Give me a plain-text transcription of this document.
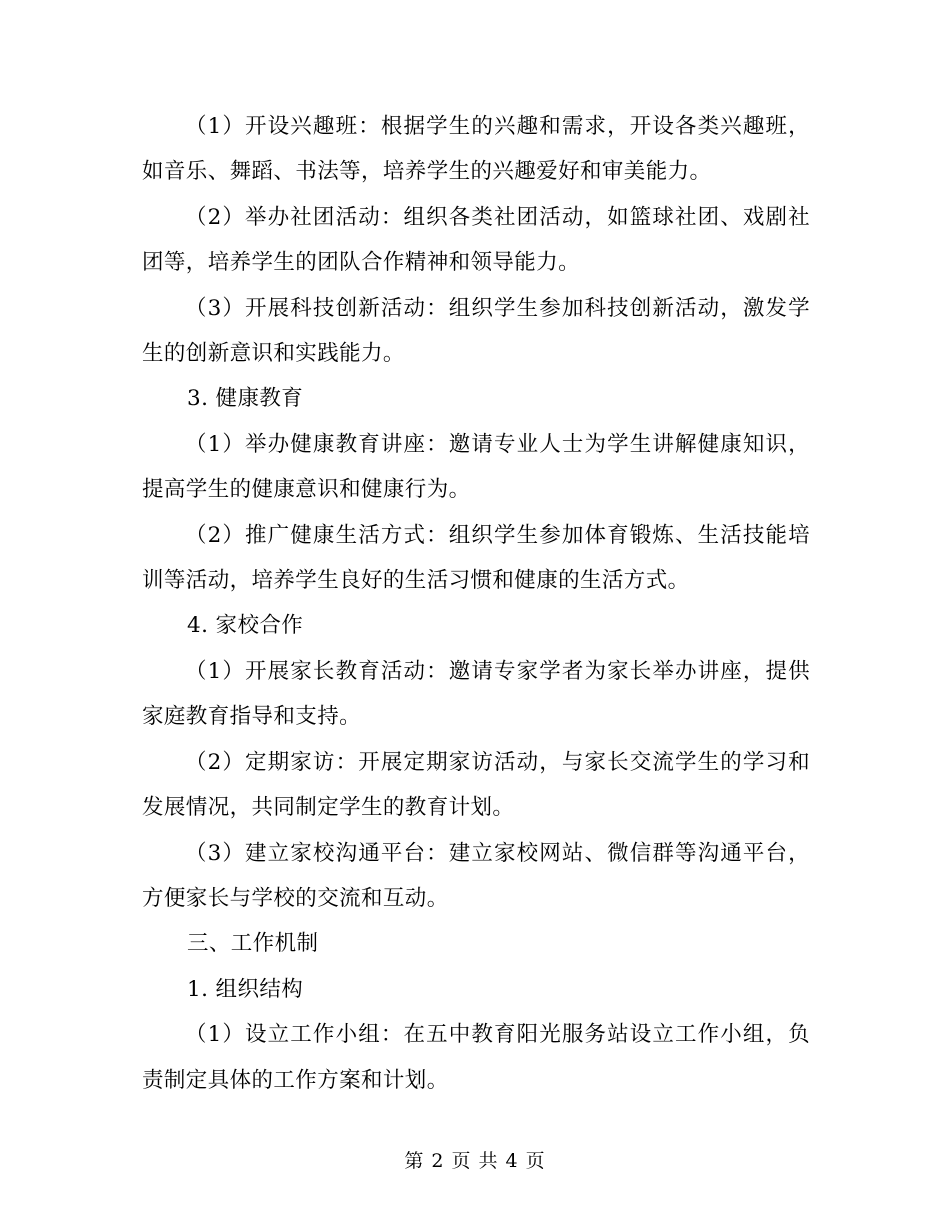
（1）开设兴趣班：根据学生的兴趣和需求，开设各类兴趣班，如音乐、舞蹈、书法等，培养学生的兴趣爱好和审美能力。

（2）举办社团活动：组织各类社团活动，如篮球社团、戏剧社团等，培养学生的团队合作精神和领导能力。

（3）开展科技创新活动：组织学生参加科技创新活动，激发学生的创新意识和实践能力。

3. 健康教育

（1）举办健康教育讲座：邀请专业人士为学生讲解健康知识，提高学生的健康意识和健康行为。

（2）推广健康生活方式：组织学生参加体育锻炼、生活技能培训等活动，培养学生良好的生活习惯和健康的生活方式。

4. 家校合作

（1）开展家长教育活动：邀请专家学者为家长举办讲座，提供家庭教育指导和支持。

（2）定期家访：开展定期家访活动，与家长交流学生的学习和发展情况，共同制定学生的教育计划。

（3）建立家校沟通平台：建立家校网站、微信群等沟通平台，方便家长与学校的交流和互动。

三、工作机制

1. 组织结构

（1）设立工作小组：在五中教育阳光服务站设立工作小组，负责制定具体的工作方案和计划。

第 2 页 共 4 页
